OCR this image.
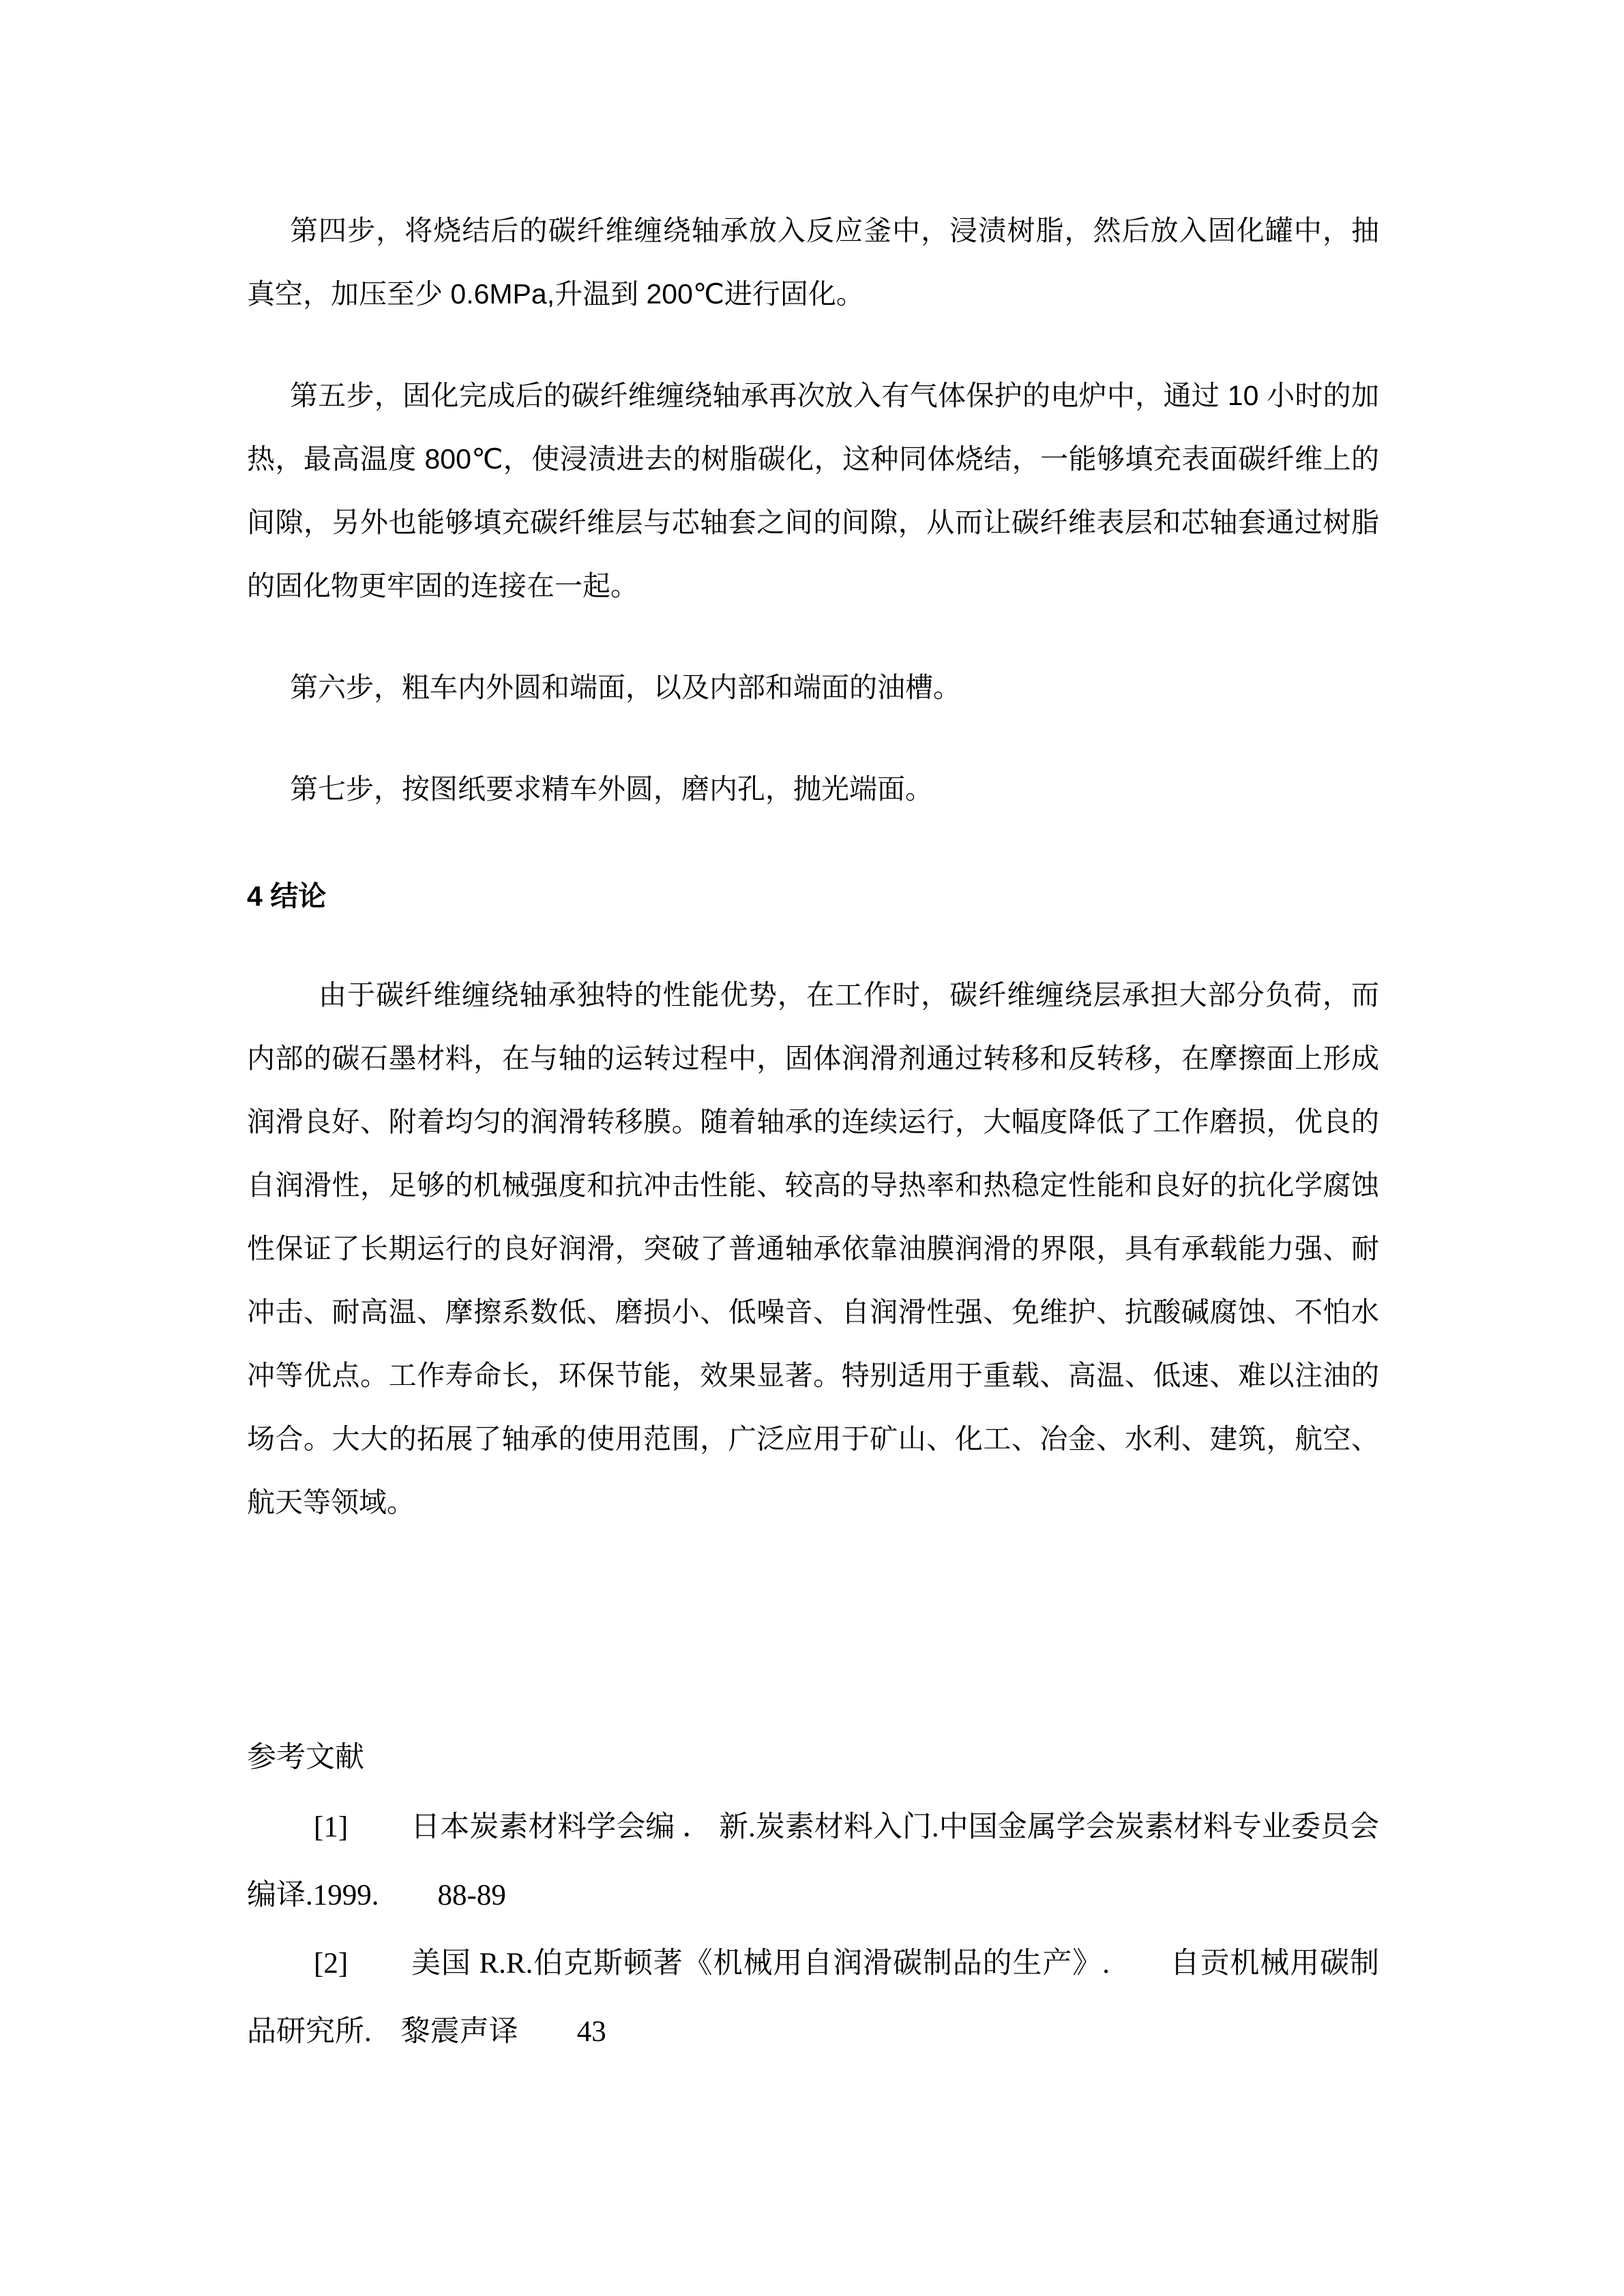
第四步，将烧结后的碳纤维缠绕轴承放入反应釜中，浸渍树脂，然后放入固化罐中，抽真空，加压至少 0.6MPa,升温到 200℃进行固化。

第五步，固化完成后的碳纤维缠绕轴承再次放入有气体保护的电炉中，通过 10 小时的加热，最高温度 800℃，使浸渍进去的树脂碳化，这种同体烧结，一能够填充表面碳纤维上的间隙，另外也能够填充碳纤维层与芯轴套之间的间隙，从而让碳纤维表层和芯轴套通过树脂的固化物更牢固的连接在一起。

第六步，粗车内外圆和端面，以及内部和端面的油槽。

第七步，按图纸要求精车外圆，磨内孔，抛光端面。

4 结论

由于碳纤维缠绕轴承独特的性能优势，在工作时，碳纤维缠绕层承担大部分负荷，而内部的碳石墨材料，在与轴的运转过程中，固体润滑剂通过转移和反转移，在摩擦面上形成润滑良好、附着均匀的润滑转移膜。随着轴承的连续运行，大幅度降低了工作磨损，优良的自润滑性，足够的机械强度和抗冲击性能、较高的导热率和热稳定性能和良好的抗化学腐蚀性保证了长期运行的良好润滑，突破了普通轴承依靠油膜润滑的界限，具有承载能力强、耐冲击、耐高温、摩擦系数低、磨损小、低噪音、自润滑性强、免维护、抗酸碱腐蚀、不怕水冲等优点。工作寿命长，环保节能，效果显著。特别适用于重载、高温、低速、难以注油的场合。大大的拓展了轴承的使用范围，广泛应用于矿山、化工、冶金、水利、建筑，航空、航天等领域。

参考文献

[1] 日本炭素材料学会编 ． 新.炭素材料入门.中国金属学会炭素材料专业委员会编译.1999.　　88-89

[2] 美国 R.R.伯克斯顿著《机械用自润滑碳制品的生产》.　　自贡机械用碳制品研究所.　黎震声译　　43
